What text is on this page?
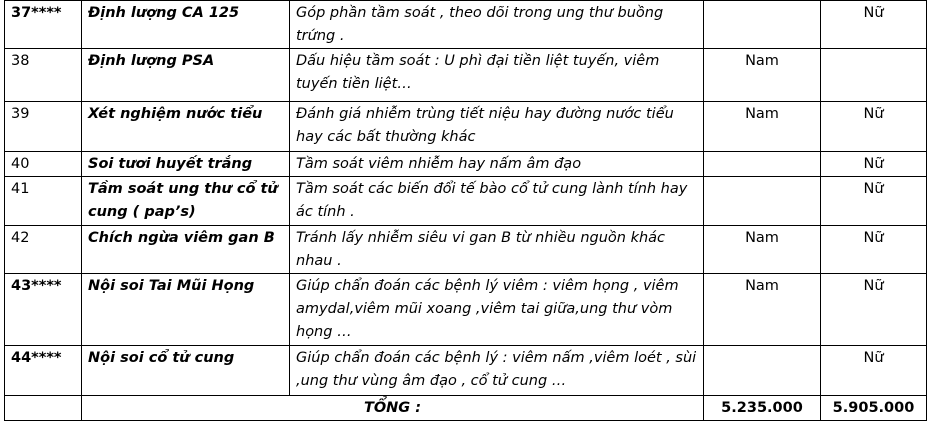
37****	Định lượng CA 125	Góp phần tầm soát , theo dõi trong ung thư buồng trứng .		Nữ
38	Định lượng PSA	Dấu hiệu tầm soát : U phì đại tiền liệt tuyến, viêm tuyến tiền liệt…	Nam	
39	Xét nghiệm nước tiểu	Đánh giá nhiễm trùng tiết niệu hay đường nước tiểu hay các bất thường khác	Nam	Nữ
40	Soi tươi huyết trắng	Tầm soát viêm nhiễm hay nấm âm đạo		Nữ
41	Tầm soát ung thư cổ tử cung ( pap’s)	Tầm soát các biến đổi tế bào cổ tử cung lành tính hay ác tính .		Nữ
42	Chích ngừa viêm gan B	Tránh lấy nhiễm siêu vi gan B từ nhiều nguồn khác nhau .	Nam	Nữ
43****	Nội soi Tai Mũi Họng	Giúp chẩn đoán các bệnh lý viêm : viêm họng , viêm amydal,viêm mũi xoang ,viêm tai giữa,ung thư vòm họng …	Nam	Nữ
44****	Nội soi cổ tử cung	Giúp chẩn đoán các bệnh lý : viêm nấm ,viêm loét , sùi ,ung thư vùng âm đạo , cổ tử cung …		Nữ
	TỔNG :		5.235.000	5.905.000
